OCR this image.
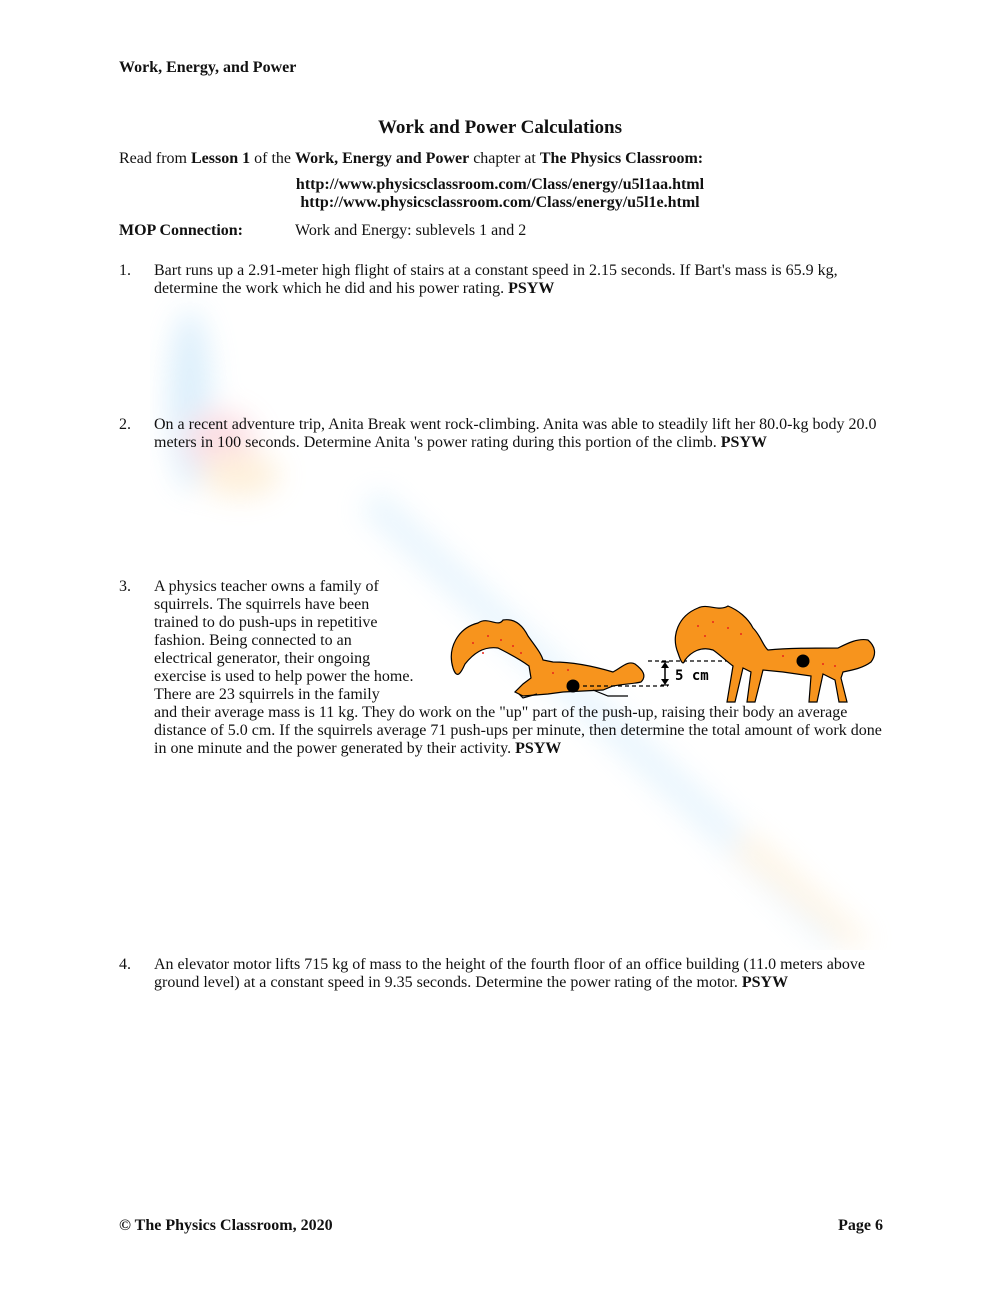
Work, Energy, and Power
Work and Power Calculations
Read from Lesson 1 of the Work, Energy and Power chapter at The Physics Classroom:
http://www.physicsclassroom.com/Class/energy/u5l1aa.html
http://www.physicsclassroom.com/Class/energy/u5l1e.html
MOP Connection:	Work and Energy: sublevels 1 and 2
1.	Bart runs up a 2.91-meter high flight of stairs at a constant speed in 2.15 seconds. If Bart's mass is 65.9 kg, determine the work which he did and his power rating. PSYW
2.	On a recent adventure trip, Anita Break went rock-climbing. Anita was able to steadily lift her 80.0-kg body 20.0 meters in 100 seconds. Determine Anita 's power rating during this portion of the climb. PSYW
3.	A physics teacher owns a family of squirrels. The squirrels have been trained to do push-ups in repetitive fashion. Being connected to an electrical generator, their ongoing exercise is used to help power the home. There are 23 squirrels in the family
and their average mass is 11 kg. They do work on the "up" part of the push-up, raising their body an average distance of 5.0 cm. If the squirrels average 71 push-ups per minute, then determine the total amount of work done in one minute and the power generated by their activity. PSYW
5 cm
4.	An elevator motor lifts 715 kg of mass to the height of the fourth floor of an office building (11.0 meters above ground level) at a constant speed in 9.35 seconds. Determine the power rating of the motor. PSYW
© The Physics Classroom, 2020	Page 6
